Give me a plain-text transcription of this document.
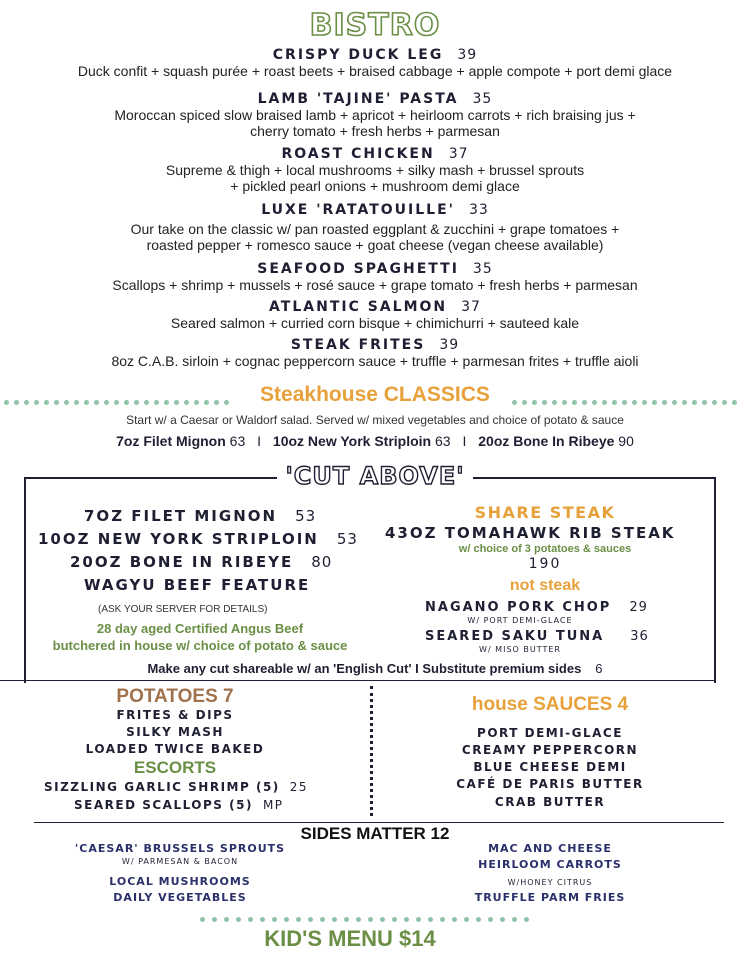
BISTRO
CRISPY DUCK LEG 39
Duck confit + squash purée + roast beets + braised cabbage + apple compote + port demi glace
LAMB 'TAJINE' PASTA 35
Moroccan spiced slow braised lamb + apricot + heirloom carrots + rich braising jus +
cherry tomato + fresh herbs + parmesan
ROAST CHICKEN 37
Supreme & thigh + local mushrooms + silky mash + brussel sprouts
+ pickled pearl onions + mushroom demi glace
LUXE 'RATATOUILLE' 33
Our take on the classic w/ pan roasted eggplant & zucchini + grape tomatoes +
roasted pepper + romesco sauce + goat cheese (vegan cheese available)
SEAFOOD SPAGHETTI 35
Scallops + shrimp + mussels + rosé sauce + grape tomato + fresh herbs + parmesan
ATLANTIC SALMON 37
Seared salmon + curried corn bisque + chimichurri + sauteed kale
STEAK FRITES 39
8oz C.A.B. sirloin + cognac peppercorn sauce + truffle + parmesan frites + truffle aioli
Steakhouse CLASSICS
Start w/ a Caesar or Waldorf salad. Served w/ mixed vegetables and choice of potato & sauce
7oz Filet Mignon 63 I 10oz New York Striploin 63 I 20oz Bone In Ribeye 90
'CUT ABOVE'
7OZ FILET MIGNON 53
10OZ NEW YORK STRIPLOIN 53
20OZ BONE IN RIBEYE 80
WAGYU BEEF FEATURE
(ASK YOUR SERVER FOR DETAILS)
28 day aged Certified Angus Beef
butchered in house w/ choice of potato & sauce
SHARE STEAK
43OZ TOMAHAWK RIB STEAK
w/ choice of 3 potatoes & sauces
190
not steak
NAGANO PORK CHOP 29
W/ PORT DEMI-GLACE
SEARED SAKU TUNA 36
W/ MISO BUTTER
Make any cut shareable w/ an 'English Cut' I Substitute premium sides 6
POTATOES 7
FRITES & DIPS
SILKY MASH
LOADED TWICE BAKED
ESCORTS
SIZZLING GARLIC SHRIMP (5) 25
SEARED SCALLOPS (5) MP
house SAUCES 4
PORT DEMI-GLACE
CREAMY PEPPERCORN
BLUE CHEESE DEMI
CAFÉ DE PARIS BUTTER
CRAB BUTTER
SIDES MATTER 12
'CAESAR' BRUSSELS SPROUTS
W/ PARMESAN & BACON
LOCAL MUSHROOMS
DAILY VEGETABLES
MAC AND CHEESE
HEIRLOOM CARROTS
W/HONEY CITRUS
TRUFFLE PARM FRIES
KID'S MENU $14
